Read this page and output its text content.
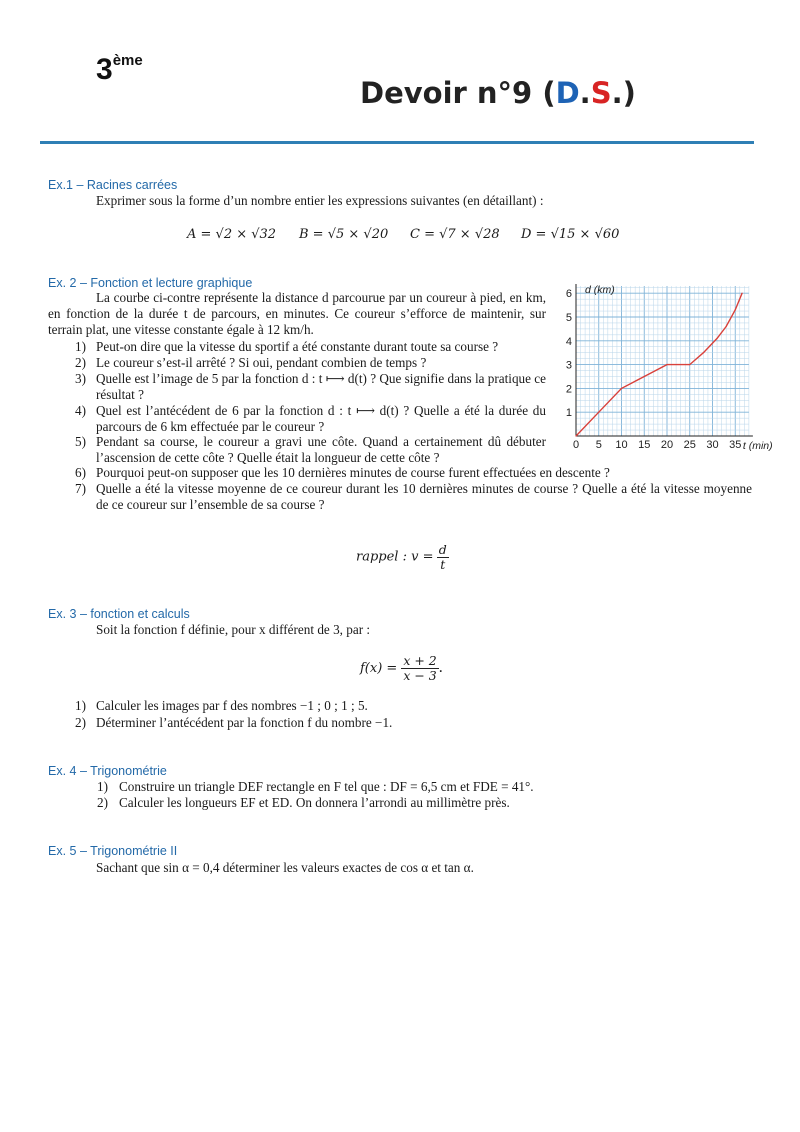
3ème
Devoir n°9 (D.S.)
Ex.1 – Racines carrées
Exprimer sous la forme d’un nombre entier les expressions suivantes (en détaillant) :
A = √2 × √32 B = √5 × √20 C = √7 × √28 D = √15 × √60
Ex. 2 – Fonction et lecture graphique

La courbe ci-contre représente la distance d parcourue par un coureur à pied, en km, en fonction de la durée t de parcours, en minutes. Ce coureur s’efforce de maintenir, sur terrain plat, une vitesse constante égale à 12 km/h.

1) Peut-on dire que la vitesse du sportif a été constante durant toute sa course ?
2) Le coureur s’est-il arrêté ? Si oui, pendant combien de temps ?
3) Quelle est l’image de 5 par la fonction d : t ⟼ d(t) ? Que signifie dans la pratique ce résultat ?

4) Quel est l’antécédent de 6 par la fonction d : t ⟼ d(t) ? Quelle a été la durée du parcours de 6 km effectuée par le coureur ?

5) Pendant sa course, le coureur a gravi une côte. Quand a certainement dû débuter l’ascension de cette côte ? Quelle était la longueur de cette côte ?

6) Pourquoi peut-on supposer que les 10 dernières minutes de course furent effectuées en descente ?
7) Quelle a été la vitesse moyenne de ce coureur durant les 10 dernières minutes de course ? Quelle a été la vitesse moyenne de ce coureur sur l’ensemble de sa course ?

rappel : $v = \frac{d}{t}$
0 5 10 15 20 25 30 35
1
2
3
4
5
6
t (min)
d (km)
Ex. 3 – fonction et calculs
Soit la fonction f définie, pour x différent de 3, par :
$f(x) = \frac{x + 2}{x - 3}$ .
1) Calculer les images par f des nombres −1 ; 0 ; 1 ; 5.
2) Déterminer l’antécédent par la fonction f du nombre −1.
Ex. 4 – Trigonométrie
1) Construire un triangle DEF rectangle en F tel que : DF = 6,5 cm et FDE = 41°.
2) Calculer les longueurs EF et ED. On donnera l’arrondi au millimètre près.
Ex. 5 – Trigonométrie II
Sachant que sin α = 0,4 déterminer les valeurs exactes de cos α et tan α.
